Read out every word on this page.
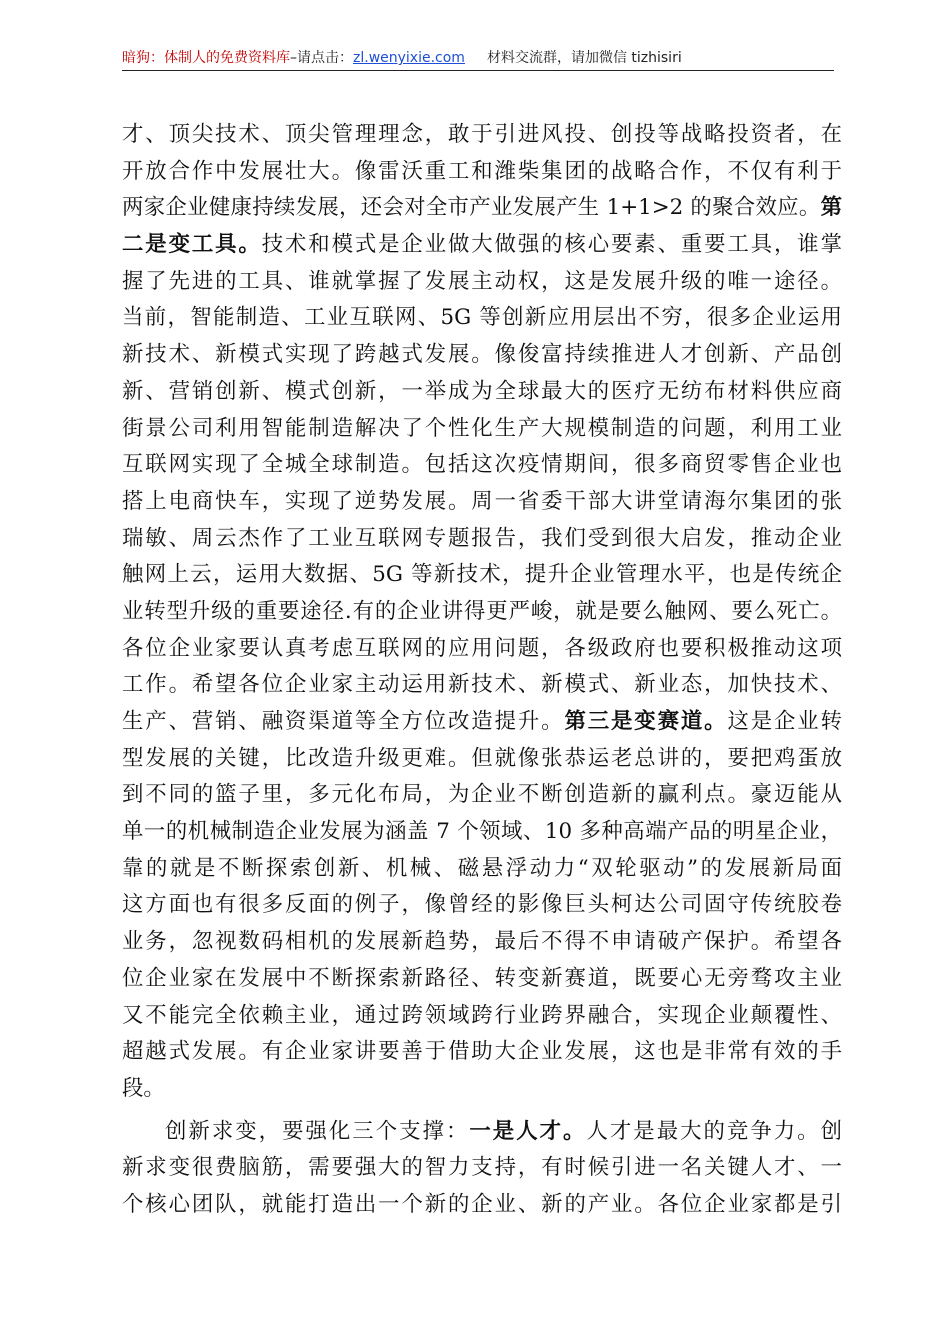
暗狗：体制人的免费资料库–请点击：zl.wenyixie.com 材料交流群，请加微信 tizhisiri
才、顶尖技术、顶尖管理理念，敢于引进风投、创投等战略投资者，在
开放合作中发展壮大。像雷沃重工和潍柴集团的战略合作，不仅有利于
两家企业健康持续发展，还会对全市产业发展产生 1+1>2 的聚合效应。第
二是变工具。技术和模式是企业做大做强的核心要素、重要工具，谁掌
握了先进的工具、谁就掌握了发展主动权，这是发展升级的唯一途径。
当前，智能制造、工业互联网、5G 等创新应用层出不穷，很多企业运用
新技术、新模式实现了跨越式发展。像俊富持续推进人才创新、产品创
新、营销创新、模式创新，一举成为全球最大的医疗无纺布材料供应商
街景公司利用智能制造解决了个性化生产大规模制造的问题，利用工业
互联网实现了全城全球制造。包括这次疫情期间，很多商贸零售企业也
搭上电商快车，实现了逆势发展。周一省委干部大讲堂请海尔集团的张
瑞敏、周云杰作了工业互联网专题报告，我们受到很大启发，推动企业
触网上云，运用大数据、5G 等新技术，提升企业管理水平，也是传统企
业转型升级的重要途径.有的企业讲得更严峻，就是要么触网、要么死亡。
各位企业家要认真考虑互联网的应用问题，各级政府也要积极推动这项
工作。希望各位企业家主动运用新技术、新模式、新业态，加快技术、
生产、营销、融资渠道等全方位改造提升。第三是变赛道。这是企业转
型发展的关键，比改造升级更难。但就像张恭运老总讲的，要把鸡蛋放
到不同的篮子里，多元化布局，为企业不断创造新的赢利点。豪迈能从
单一的机械制造企业发展为涵盖 7 个领域、10 多种高端产品的明星企业，
靠的就是不断探索创新、机械、磁悬浮动力“双轮驱动”的发展新局面
这方面也有很多反面的例子，像曾经的影像巨头柯达公司固守传统胶卷
业务，忽视数码相机的发展新趋势，最后不得不申请破产保护。希望各
位企业家在发展中不断探索新路径、转变新赛道，既要心无旁骛攻主业
又不能完全依赖主业，通过跨领域跨行业跨界融合，实现企业颠覆性、
超越式发展。有企业家讲要善于借助大企业发展，这也是非常有效的手
段。
创新求变，要强化三个支撑：一是人才。人才是最大的竞争力。创
新求变很费脑筋，需要强大的智力支持，有时候引进一名关键人才、一
个核心团队，就能打造出一个新的企业、新的产业。各位企业家都是引
